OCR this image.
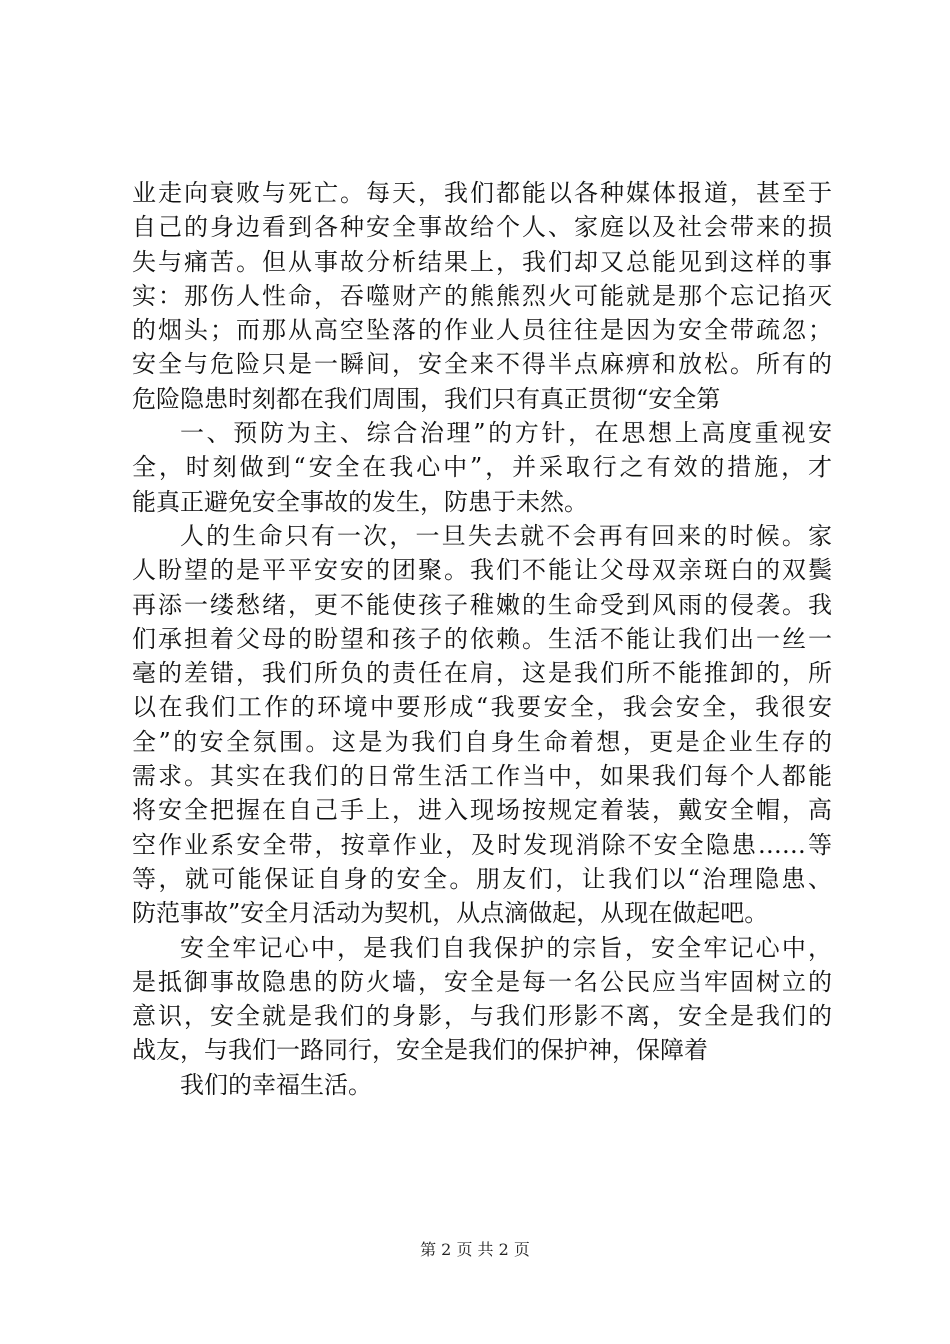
业走向衰败与死亡。每天，我们都能以各种媒体报道，甚至于
自己的身边看到各种安全事故给个人、家庭以及社会带来的损
失与痛苦。但从事故分析结果上，我们却又总能见到这样的事
实：那伤人性命，吞噬财产的熊熊烈火可能就是那个忘记掐灭
的烟头；而那从高空坠落的作业人员往往是因为安全带疏忽；
安全与危险只是一瞬间，安全来不得半点麻痹和放松。所有的
危险隐患时刻都在我们周围，我们只有真正贯彻“安全第
一、预防为主、综合治理”的方针，在思想上高度重视安
全，时刻做到“安全在我心中”，并采取行之有效的措施，才
能真正避免安全事故的发生，防患于未然。
人的生命只有一次，一旦失去就不会再有回来的时候。家
人盼望的是平平安安的团聚。我们不能让父母双亲斑白的双鬓
再添一缕愁绪，更不能使孩子稚嫩的生命受到风雨的侵袭。我
们承担着父母的盼望和孩子的依赖。生活不能让我们出一丝一
毫的差错，我们所负的责任在肩，这是我们所不能推卸的，所
以在我们工作的环境中要形成“我要安全，我会安全，我很安
全”的安全氛围。这是为我们自身生命着想，更是企业生存的
需求。其实在我们的日常生活工作当中，如果我们每个人都能
将安全把握在自己手上，进入现场按规定着装，戴安全帽，高
空作业系安全带，按章作业，及时发现消除不安全隐患……等
等，就可能保证自身的安全。朋友们，让我们以“治理隐患、
防范事故”安全月活动为契机，从点滴做起，从现在做起吧。
安全牢记心中，是我们自我保护的宗旨，安全牢记心中，
是抵御事故隐患的防火墙，安全是每一名公民应当牢固树立的
意识，安全就是我们的身影，与我们形影不离，安全是我们的
战友，与我们一路同行，安全是我们的保护神，保障着
我们的幸福生活。
第 2 页 共 2 页
